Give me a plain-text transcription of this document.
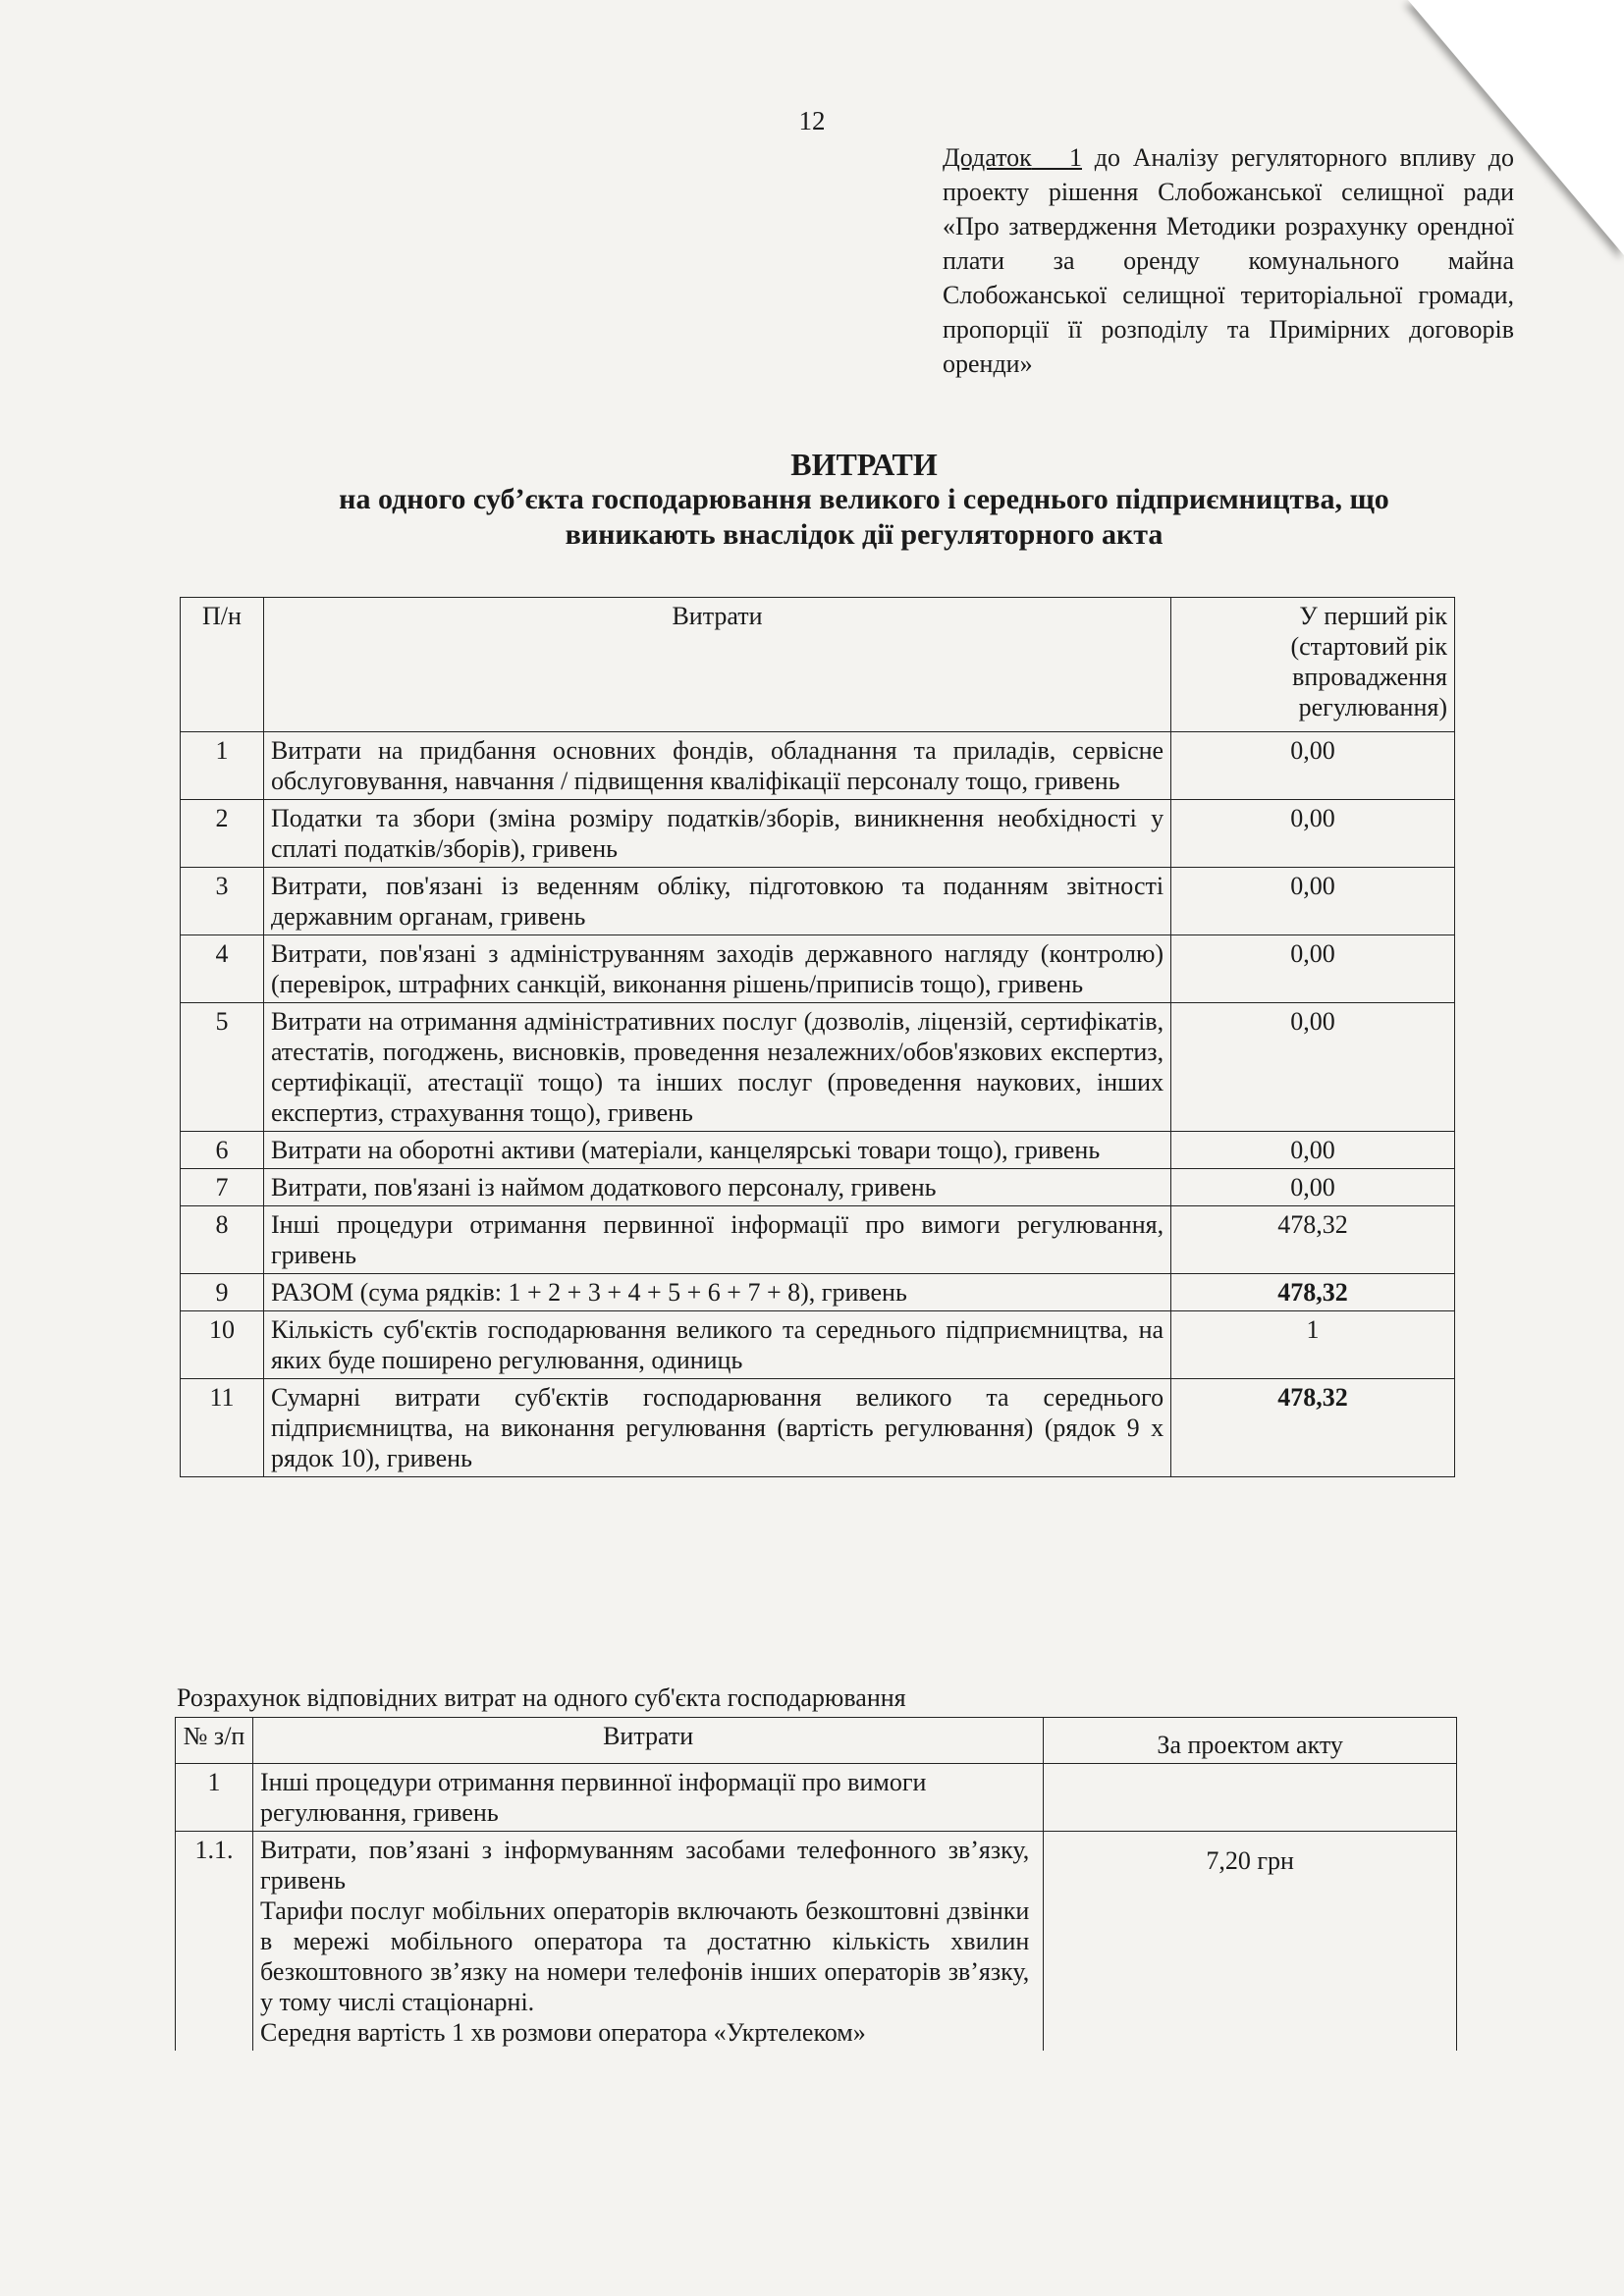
12
Додаток 1 до Аналізу регуляторного впливу до проекту рішення Слобожанської селищної ради «Про затвердження Методики розрахунку орендної плати за оренду комунального майна Слобожанської селищної територіальної громади, пропорції її розподілу та Примірних договорів оренди»
ВИТРАТИ
на одного суб’єкта господарювання великого і середнього підприємництва, що
виникають внаслідок дії регуляторного акта
П/н	Витрати	У перший рік (стартовий рік впровадження регулювання)
1	Витрати на придбання основних фондів, обладнання та приладів, сервісне обслуговування, навчання / підвищення кваліфікації персоналу тощо, гривень	0,00
2	Податки та збори (зміна розміру податків/зборів, виникнення необхідності у сплаті податків/зборів), гривень	0,00
3	Витрати, пов'язані із веденням обліку, підготовкою та поданням звітності державним органам, гривень	0,00
4	Витрати, пов'язані з адмініструванням заходів державного нагляду (контролю) (перевірок, штрафних санкцій, виконання рішень/приписів тощо), гривень	0,00
5	Витрати на отримання адміністративних послуг (дозволів, ліцензій, сертифікатів, атестатів, погоджень, висновків, проведення незалежних/обов'язкових експертиз, сертифікації, атестації тощо) та інших послуг (проведення наукових, інших експертиз, страхування тощо), гривень	0,00
6	Витрати на оборотні активи (матеріали, канцелярські товари тощо), гривень	0,00
7	Витрати, пов'язані із наймом додаткового персоналу, гривень	0,00
8	Інші процедури отримання первинної інформації про вимоги регулювання, гривень	478,32
9	РАЗОМ (сума рядків: 1 + 2 + 3 + 4 + 5 + 6 + 7 + 8), гривень	478,32
10	Кількість суб'єктів господарювання великого та середнього підприємництва, на яких буде поширено регулювання, одиниць	1
11	Сумарні витрати суб'єктів господарювання великого та середнього підприємництва, на виконання регулювання (вартість регулювання) (рядок 9 х рядок 10), гривень	478,32
Розрахунок відповідних витрат на одного суб'єкта господарювання
№ з/п	Витрати	За проектом акту
1	Інші процедури отримання первинної інформації про вимоги регулювання, гривень	
1.1.	Витрати, пов’язані з інформуванням засобами телефонного зв’язку, гривень
Тарифи послуг мобільних операторів включають безкоштовні дзвінки в мережі мобільного оператора та достатню кількість хвилин безкоштовного зв’язку на номери телефонів інших операторів зв’язку, у тому числі стаціонарні.
Середня вартість 1 хв розмови оператора «Укртелеком»	7,20 грн
